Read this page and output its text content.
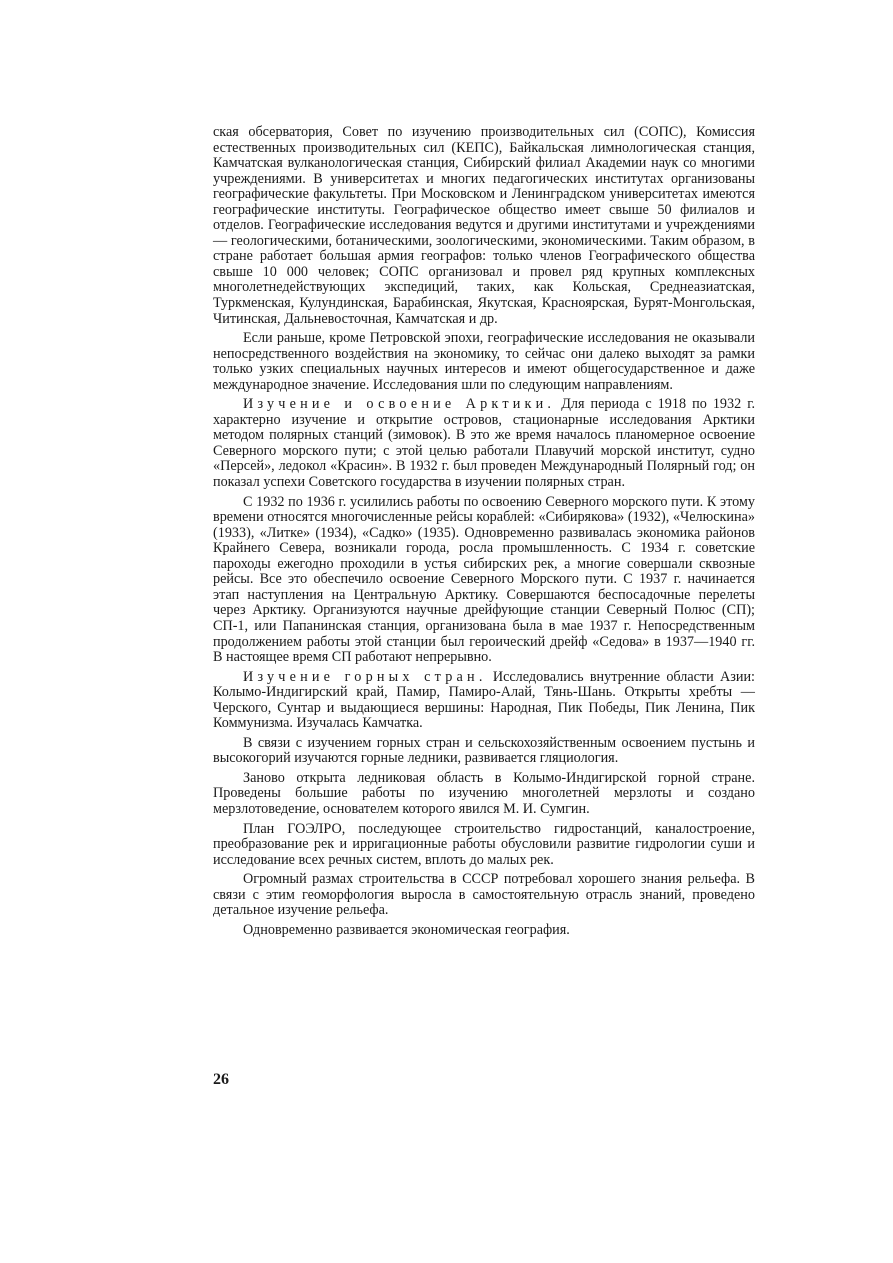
ская обсерватория, Совет по изучению производительных сил (СОПС), Комиссия естественных производительных сил (КЕПС), Байкальская лимнологическая станция, Камчатская вулканологическая станция, Сибирский филиал Академии наук со многими учреждениями. В университетах и многих педагогических институтах организованы географические факультеты. При Московском и Ленинградском университетах имеются географические институты. Географическое общество имеет свыше 50 филиалов и отделов. Географические исследования ведутся и другими институтами и учреждениями — геологическими, ботаническими, зоологическими, экономическими. Таким образом, в стране работает большая армия географов: только членов Географического общества свыше 10 000 человек; СОПС организовал и провел ряд крупных комплексных многолетнедействующих экспедиций, таких, как Кольская, Среднеазиатская, Туркменская, Кулундинская, Барабинская, Якутская, Красноярская, Бурят-Монгольская, Читинская, Дальневосточная, Камчатская и др.

Если раньше, кроме Петровской эпохи, географические исследования не оказывали непосредственного воздействия на экономику, то сейчас они далеко выходят за рамки только узких специальных научных интересов и имеют общегосударственное и даже международное значение. Исследования шли по следующим направлениям.

Изучение и освоение Арктики. Для периода с 1918 по 1932 г. характерно изучение и открытие островов, стационарные исследования Арктики методом полярных станций (зимовок). В это же время началось планомерное освоение Северного морского пути; с этой целью работали Плавучий морской институт, судно «Персей», ледокол «Красин». В 1932 г. был проведен Международный Полярный год; он показал успехи Советского государства в изучении полярных стран.

С 1932 по 1936 г. усилились работы по освоению Северного морского пути. К этому времени относятся многочисленные рейсы кораблей: «Сибирякова» (1932), «Челюскина» (1933), «Литке» (1934), «Садко» (1935). Одновременно развивалась экономика районов Крайнего Севера, возникали города, росла промышленность. С 1934 г. советские пароходы ежегодно проходили в устья сибирских рек, а многие совершали сквозные рейсы. Все это обеспечило освоение Северного Морского пути. С 1937 г. начинается этап наступления на Центральную Арктику. Совершаются беспосадочные перелеты через Арктику. Организуются научные дрейфующие станции Северный Полюс (СП); СП-1, или Папанинская станция, организована была в мае 1937 г. Непосредственным продолжением работы этой станции был героический дрейф «Седова» в 1937—1940 гг. В настоящее время СП работают непрерывно.

Изучение горных стран. Исследовались внутренние области Азии: Колымо-Индигирский край, Памир, Памиро-Алай, Тянь-Шань. Открыты хребты — Черского, Сунтар и выдающиеся вершины: Народная, Пик Победы, Пик Ленина, Пик Коммунизма. Изучалась Камчатка.

В связи с изучением горных стран и сельскохозяйственным освоением пустынь и высокогорий изучаются горные ледники, развивается гляциология.

Заново открыта ледниковая область в Колымо-Индигирской горной стране. Проведены большие работы по изучению многолетней мерзлоты и создано мерзлотоведение, основателем которого явился М. И. Сумгин.

План ГОЭЛРО, последующее строительство гидростанций, каналостроение, преобразование рек и ирригационные работы обусловили развитие гидрологии суши и исследование всех речных систем, вплоть до малых рек.

Огромный размах строительства в СССР потребовал хорошего знания рельефа. В связи с этим геоморфология выросла в самостоятельную отрасль знаний, проведено детальное изучение рельефа.

Одновременно развивается экономическая география.

26
